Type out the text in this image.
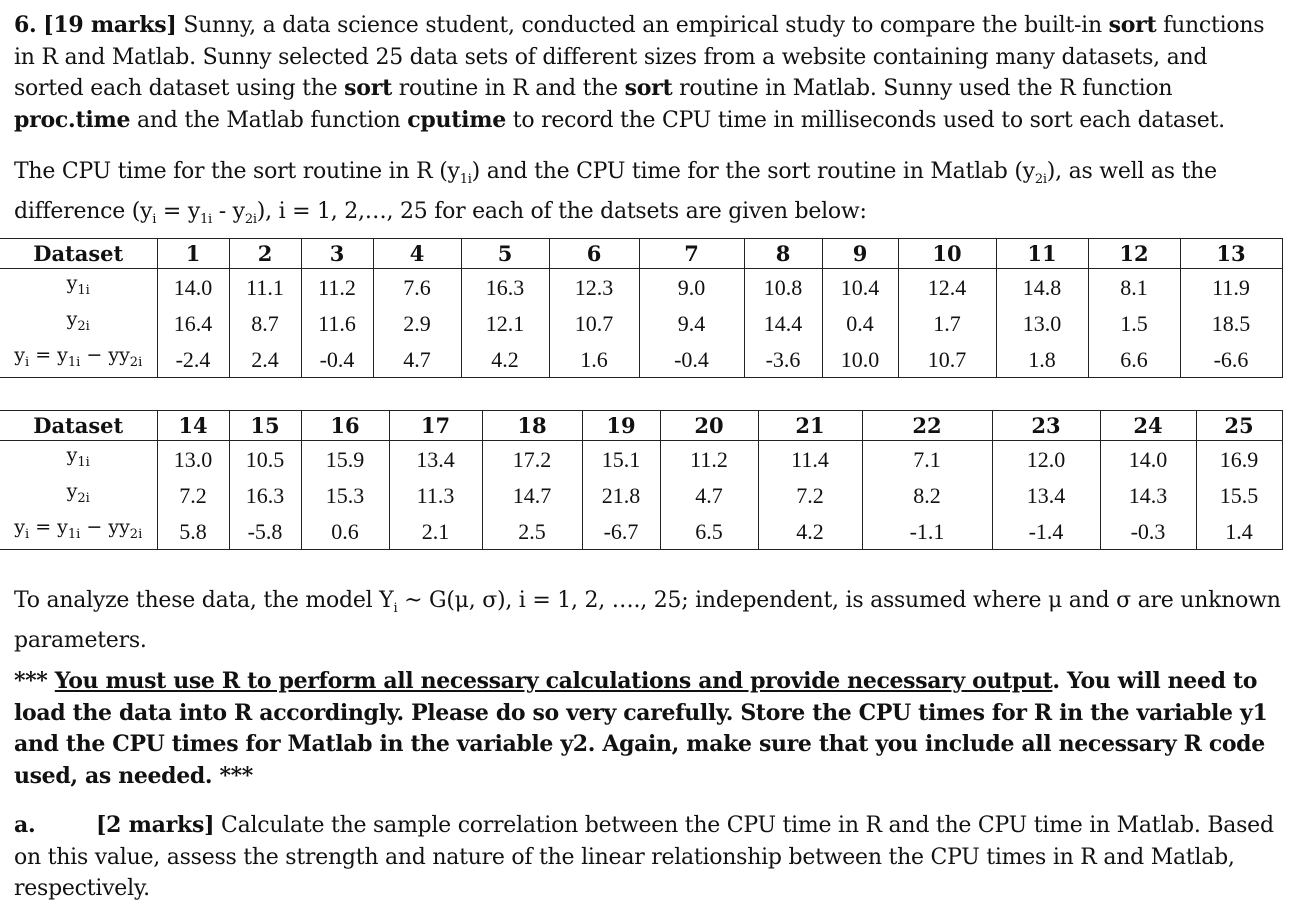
6. [19 marks] Sunny, a data science student, conducted an empirical study to compare the built-in sort functions in R and Matlab. Sunny selected 25 data sets of different sizes from a website containing many datasets, and sorted each dataset using the sort routine in R and the sort routine in Matlab. Sunny used the R function proc.time and the Matlab function cputime to record the CPU time in milliseconds used to sort each dataset.

The CPU time for the sort routine in R $(y_{1i})$ and the CPU time for the sort routine in Matlab $(y_{2i})$, as well as the difference $(y_i = y_{1i} - y_{2i})$, i = 1, 2,…, 25 for each of the datsets are given below:

Dataset	1	2	3	4	5	6	7	8	9	10	11	12	13
$y_{1i}$	14.0	11.1	11.2	7.6	16.3	12.3	9.0	10.8	10.4	12.4	14.8	8.1	11.9
$y_{2i}$	16.4	8.7	11.6	2.9	12.1	10.7	9.4	14.4	0.4	1.7	13.0	1.5	18.5
$y_i = y_{1i} - yy_{2i}$	-2.4	2.4	-0.4	4.7	4.2	1.6	-0.4	-3.6	10.0	10.7	1.8	6.6	-6.6
Dataset	14	15	16	17	18	19	20	21	22	23	24	25
$y_{1i}$	13.0	10.5	15.9	13.4	17.2	15.1	11.2	11.4	7.1	12.0	14.0	16.9
$y_{2i}$	7.2	16.3	15.3	11.3	14.7	21.8	4.7	7.2	8.2	13.4	14.3	15.5
$y_i = y_{1i} - yy_{2i}$	5.8	-5.8	0.6	2.1	2.5	-6.7	6.5	4.2	-1.1	-1.4	-0.3	1.4

To analyze these data, the model $Y_i$ ~ G(μ, σ), i = 1, 2, …., 25; independent, is assumed where μ and σ are unknown parameters.

*** You must use R to perform all necessary calculations and provide necessary output. You will need to load the data into R accordingly. Please do so very carefully. Store the CPU times for R in the variable y1 and the CPU times for Matlab in the variable y2. Again, make sure that you include all necessary R code used, as needed. ***

a.	[2 marks] Calculate the sample correlation between the CPU time in R and the CPU time in Matlab. Based on this value, assess the strength and nature of the linear relationship between the CPU times in R and Matlab, respectively.
